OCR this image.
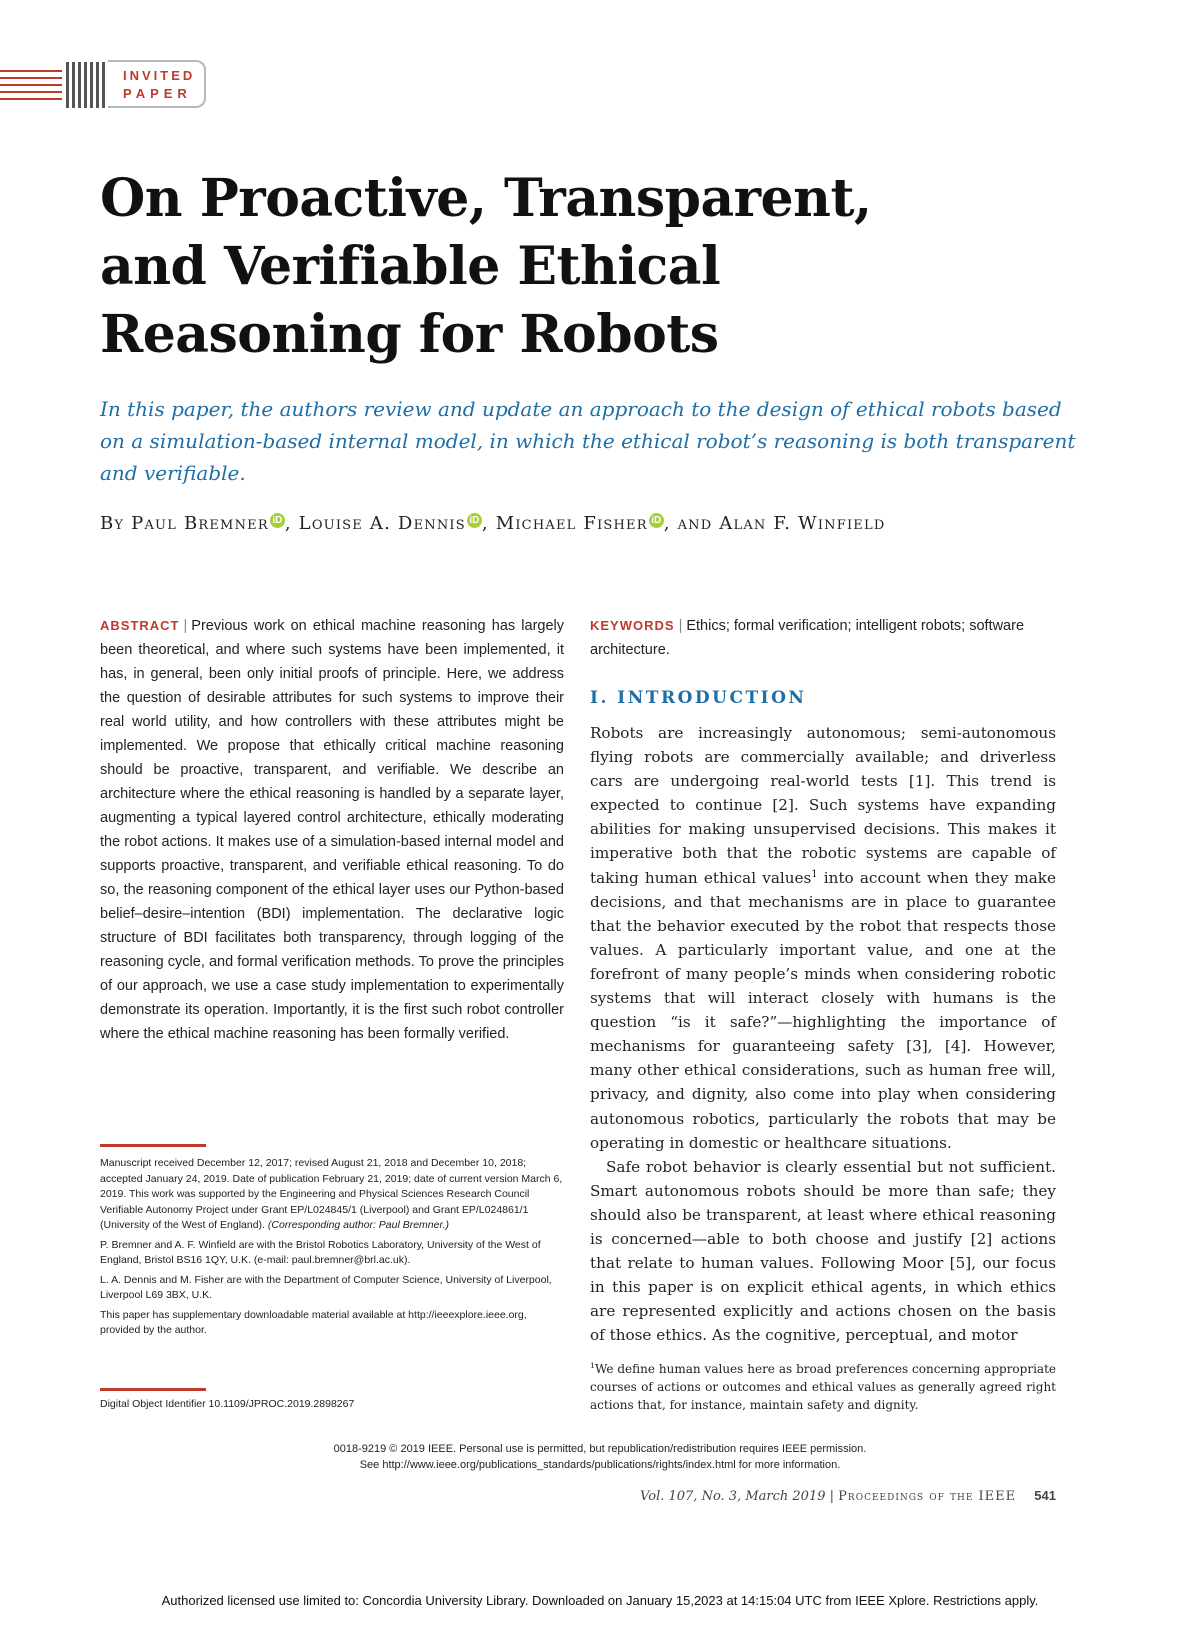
INVITED
PAPER
On Proactive, Transparent,
and Verifiable Ethical
Reasoning for Robots
In this paper, the authors review and update an approach to the design of ethical robots based on a simulation-based internal model, in which the ethical robot’s reasoning is both transparent and verifiable.
By Paul Bremner iD , Louise A. Dennis iD , Michael Fisher iD , and Alan F. Winfield
ABSTRACT | Previous work on ethical machine reasoning has largely been theoretical, and where such systems have been implemented, it has, in general, been only initial proofs of principle. Here, we address the question of desirable attributes for such systems to improve their real world utility, and how controllers with these attributes might be implemented. We propose that ethically critical machine reasoning should be proactive, transparent, and verifiable. We describe an architecture where the ethical reasoning is handled by a separate layer, augmenting a typical layered control architecture, ethically moderating the robot actions. It makes use of a simulation-based internal model and supports proactive, transparent, and verifiable ethical reasoning. To do so, the reasoning component of the ethical layer uses our Python-based belief–desire–intention (BDI) implementation. The declarative logic structure of BDI facilitates both transparency, through logging of the reasoning cycle, and formal verification methods. To prove the principles of our approach, we use a case study implementation to experimentally demonstrate its operation. Importantly, it is the first such robot controller where the ethical machine reasoning has been formally verified.

Manuscript received December 12, 2017; revised August 21, 2018 and December 10, 2018; accepted January 24, 2019. Date of publication February 21, 2019; date of current version March 6, 2019. This work was supported by the Engineering and Physical Sciences Research Council Verifiable Autonomy Project under Grant EP/L024845/1 (Liverpool) and Grant EP/L024861/1 (University of the West of England). (Corresponding author: Paul Bremner.)

P. Bremner and A. F. Winfield are with the Bristol Robotics Laboratory, University of the West of England, Bristol BS16 1QY, U.K. (e-mail: paul.bremner@brl.ac.uk).

L. A. Dennis and M. Fisher are with the Department of Computer Science, University of Liverpool, Liverpool L69 3BX, U.K.

This paper has supplementary downloadable material available at http://ieeexplore.ieee.org, provided by the author.

Digital Object Identifier 10.1109/JPROC.2019.2898267
KEYWORDS | Ethics; formal verification; intelligent robots; software architecture.
I. INTRODUCTION

Robots are increasingly autonomous; semi-autonomous flying robots are commercially available; and driverless cars are undergoing real-world tests [1]. This trend is expected to continue [2]. Such systems have expanding abilities for making unsupervised decisions. This makes it imperative both that the robotic systems are capable of taking human ethical values$^1$ into account when they make decisions, and that mechanisms are in place to guarantee that the behavior executed by the robot that respects those values. A particularly important value, and one at the forefront of many people’s minds when considering robotic systems that will interact closely with humans is the question “is it safe?”—highlighting the importance of mechanisms for guaranteeing safety [3], [4]. However, many other ethical considerations, such as human free will, privacy, and dignity, also come into play when considering autonomous robotics, particularly the robots that may be operating in domestic or healthcare situations.

Safe robot behavior is clearly essential but not sufficient. Smart autonomous robots should be more than safe; they should also be transparent, at least where ethical reasoning is concerned—able to both choose and justify [2] actions that relate to human values. Following Moor [5], our focus in this paper is on explicit ethical agents, in which ethics are represented explicitly and actions chosen on the basis of those ethics. As the cognitive, perceptual, and motor

$^1$We define human values here as broad preferences concerning appropriate courses of actions or outcomes and ethical values as generally agreed right actions that, for instance, maintain safety and dignity.
0018-9219 © 2019 IEEE. Personal use is permitted, but republication/redistribution requires IEEE permission.
See http://www.ieee.org/publications_standards/publications/rights/index.html for more information.
Vol. 107, No. 3, March 2019 | Proceedings of the IEEE 541
Authorized licensed use limited to: Concordia University Library. Downloaded on January 15,2023 at 14:15:04 UTC from IEEE Xplore. Restrictions apply.
